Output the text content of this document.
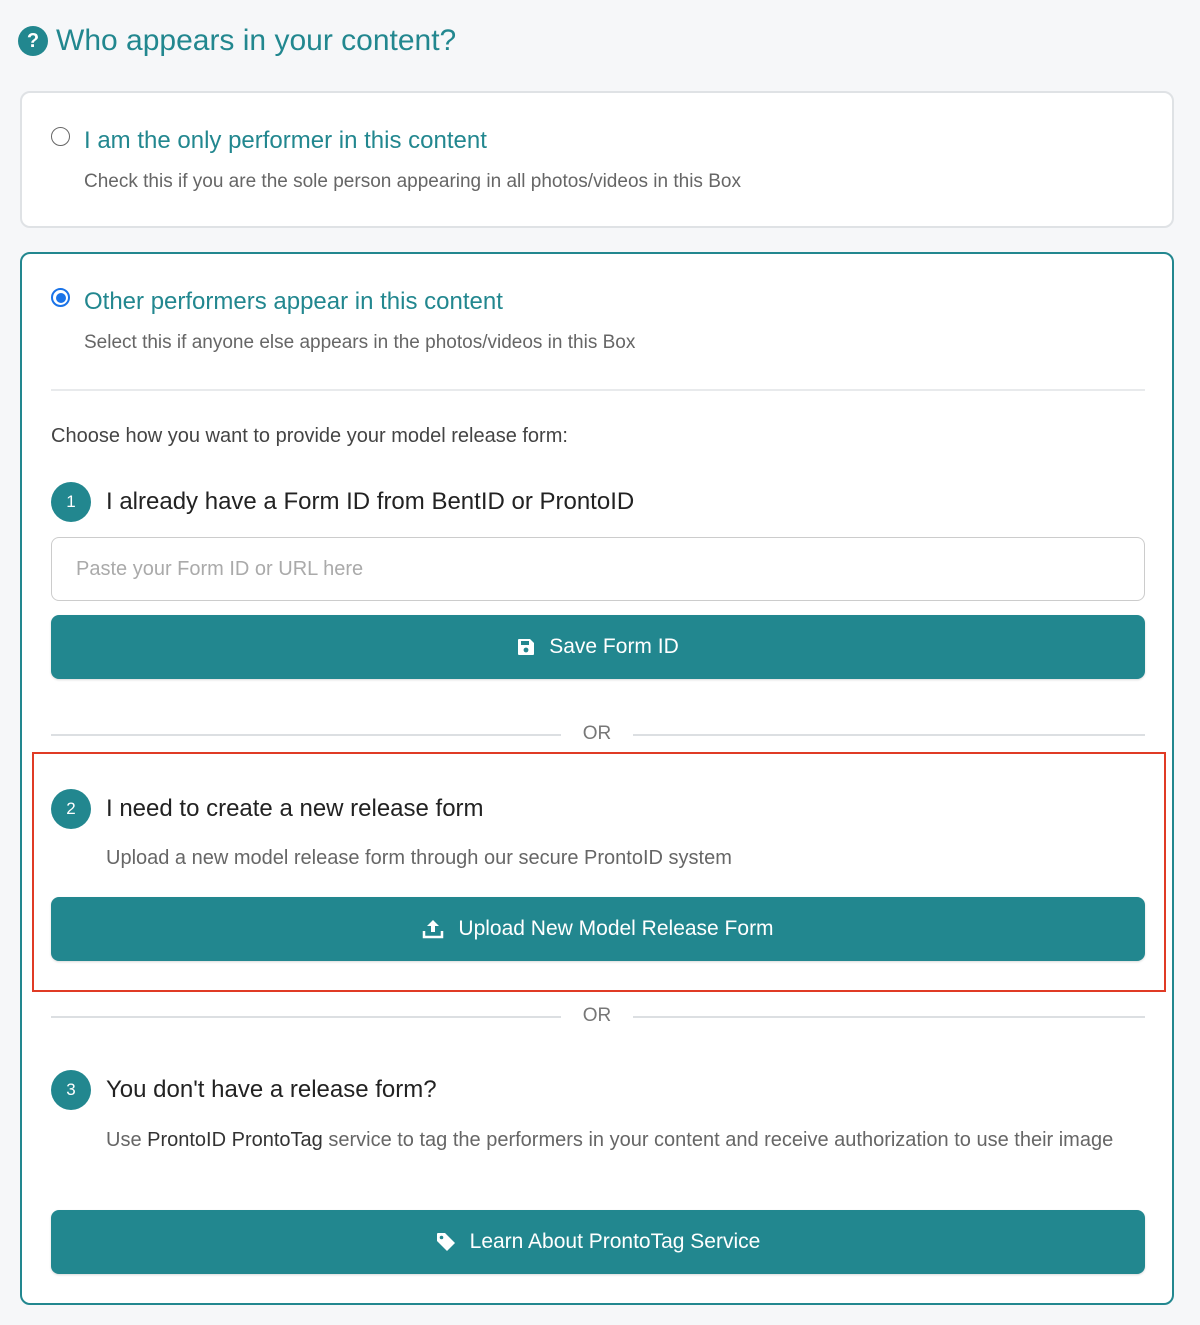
? Who appears in your content?
I am the only performer in this content
Check this if you are the sole person appearing in all photos/videos in this Box
Other performers appear in this content
Select this if anyone else appears in the photos/videos in this Box
Choose how you want to provide your model release form:
1	I already have a Form ID from BentID or ProntoID
Paste your Form ID or URL here
Save Form ID
OR
2	I need to create a new release form
Upload a new model release form through our secure ProntoID system
Upload New Model Release Form
OR
3	You don't have a release form?
Use ProntoID ProntoTag service to tag the performers in your content and receive authorization to use their image
Learn About ProntoTag Service
